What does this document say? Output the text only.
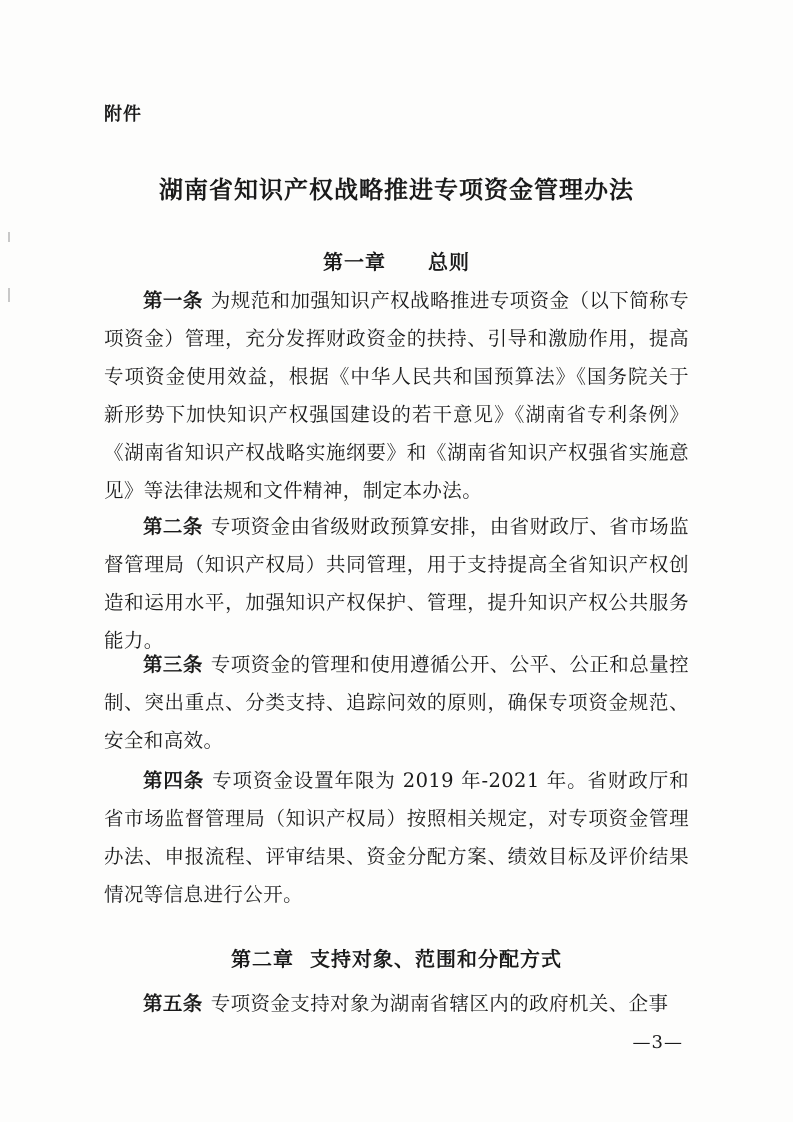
附件
湖南省知识产权战略推进专项资金管理办法
第一章　　总则
第一条 为规范和加强知识产权战略推进专项资金（以下简称专项资金）管理，充分发挥财政资金的扶持、引导和激励作用，提高专项资金使用效益，根据《中华人民共和国预算法》《国务院关于新形势下加快知识产权强国建设的若干意见》《湖南省专利条例》《湖南省知识产权战略实施纲要》和《湖南省知识产权强省实施意见》等法律法规和文件精神，制定本办法。
第二条 专项资金由省级财政预算安排，由省财政厅、省市场监督管理局（知识产权局）共同管理，用于支持提高全省知识产权创造和运用水平，加强知识产权保护、管理，提升知识产权公共服务能力。
第三条 专项资金的管理和使用遵循公开、公平、公正和总量控制、突出重点、分类支持、追踪问效的原则，确保专项资金规范、安全和高效。
第四条 专项资金设置年限为 2019 年-2021 年。省财政厅和省市场监督管理局（知识产权局）按照相关规定，对专项资金管理办法、申报流程、评审结果、资金分配方案、绩效目标及评价结果情况等信息进行公开。
第二章  支持对象、范围和分配方式
第五条 专项资金支持对象为湖南省辖区内的政府机关、企事
—3—
